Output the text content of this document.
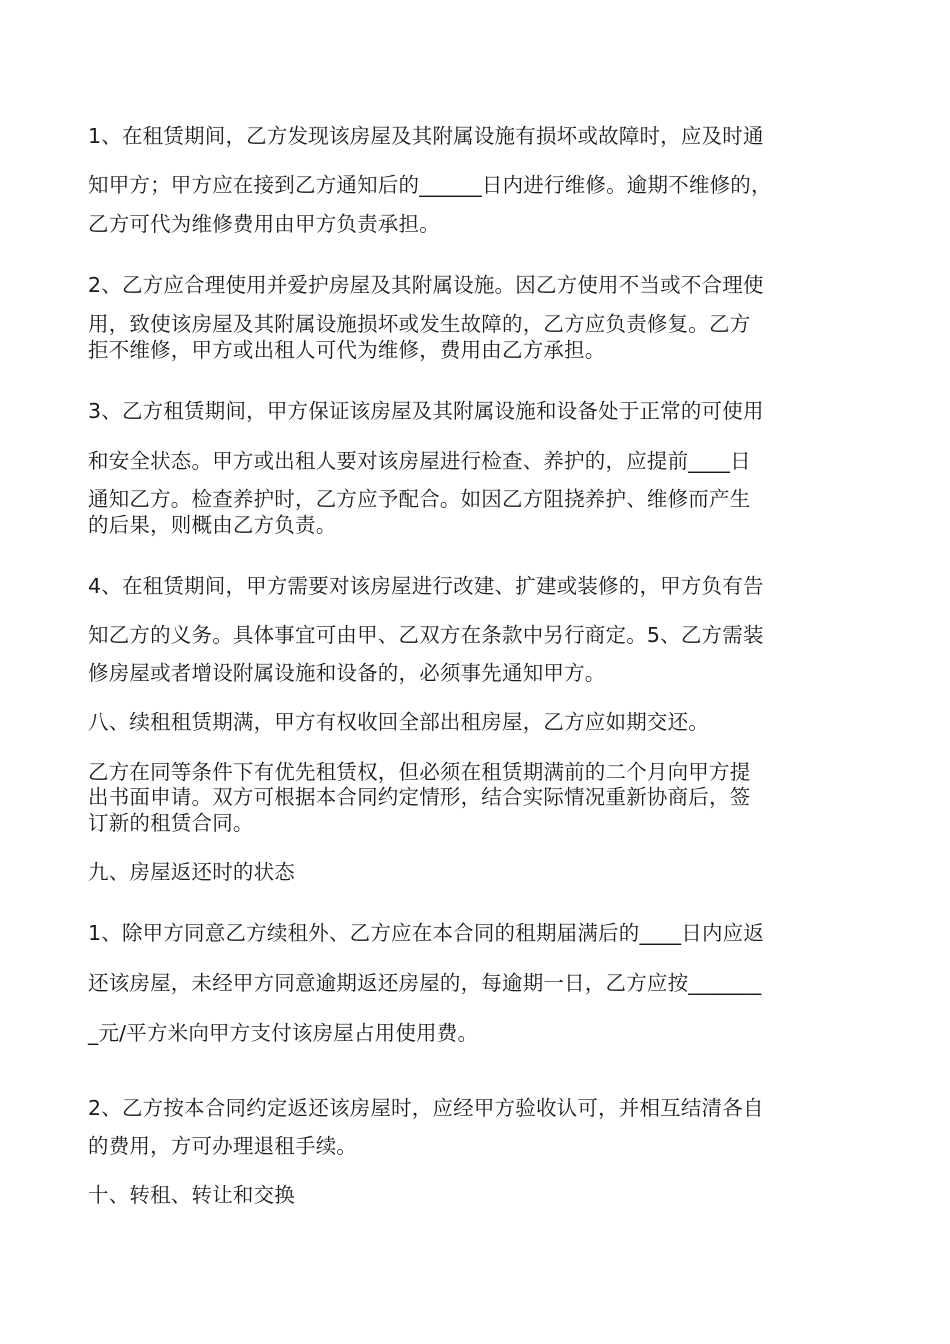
1、在租赁期间，乙方发现该房屋及其附属设施有损坏或故障时，应及时通
知甲方；甲方应在接到乙方通知后的______日内进行维修。逾期不维修的，
乙方可代为维修费用由甲方负责承担。
2、乙方应合理使用并爱护房屋及其附属设施。因乙方使用不当或不合理使
用，致使该房屋及其附属设施损坏或发生故障的，乙方应负责修复。乙方
拒不维修，甲方或出租人可代为维修，费用由乙方承担。
3、乙方租赁期间，甲方保证该房屋及其附属设施和设备处于正常的可使用
和安全状态。甲方或出租人要对该房屋进行检查、养护的，应提前____日
通知乙方。检查养护时，乙方应予配合。如因乙方阻挠养护、维修而产生
的后果，则概由乙方负责。
4、在租赁期间，甲方需要对该房屋进行改建、扩建或装修的，甲方负有告
知乙方的义务。具体事宜可由甲、乙双方在条款中另行商定。5、乙方需装
修房屋或者增设附属设施和设备的，必须事先通知甲方。
八、续租租赁期满，甲方有权收回全部出租房屋，乙方应如期交还。
乙方在同等条件下有优先租赁权，但必须在租赁期满前的二个月向甲方提
出书面申请。双方可根据本合同约定情形，结合实际情况重新协商后，签
订新的租赁合同。
九、房屋返还时的状态
1、除甲方同意乙方续租外、乙方应在本合同的租期届满后的____日内应返
还该房屋，未经甲方同意逾期返还房屋的，每逾期一日，乙方应按_______
_元/平方米向甲方支付该房屋占用使用费。
2、乙方按本合同约定返还该房屋时，应经甲方验收认可，并相互结清各自
的费用，方可办理退租手续。
十、转租、转让和交换
